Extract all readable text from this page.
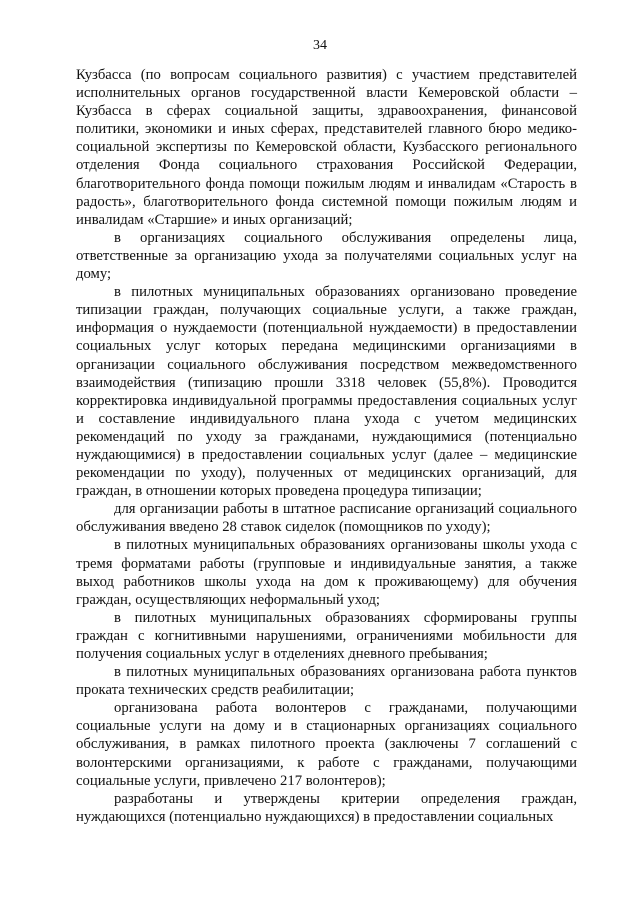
34

Кузбасса (по вопросам социального развития) с участием представителей исполнительных органов государственной власти Кемеровской области – Кузбасса в сферах социальной защиты, здравоохранения, финансовой политики, экономики и иных сферах, представителей главного бюро медико-социальной экспертизы по Кемеровской области, Кузбасского регионального отделения Фонда социального страхования Российской Федерации, благотворительного фонда помощи пожилым людям и инвалидам «Старость в радость», благотворительного фонда системной помощи пожилым людям и инвалидам «Старшие» и иных организаций;

в организациях социального обслуживания определены лица, ответственные за организацию ухода за получателями социальных услуг на дому;

в пилотных муниципальных образованиях организовано проведение типизации граждан, получающих социальные услуги, а также граждан, информация о нуждаемости (потенциальной нуждаемости) в предоставлении социальных услуг которых передана медицинскими организациями в организации социального обслуживания посредством межведомственного взаимодействия (типизацию прошли 3318 человек (55,8%). Проводится корректировка индивидуальной программы предоставления социальных услуг и составление индивидуального плана ухода с учетом медицинских рекомендаций по уходу за гражданами, нуждающимися (потенциально нуждающимися) в предоставлении социальных услуг (далее – медицинские рекомендации по уходу), полученных от медицинских организаций, для граждан, в отношении которых проведена процедура типизации;

для организации работы в штатное расписание организаций социального обслуживания введено 28 ставок сиделок (помощников по уходу);

в пилотных муниципальных образованиях организованы школы ухода с тремя форматами работы (групповые и индивидуальные занятия, а также выход работников школы ухода на дом к проживающему) для обучения граждан, осуществляющих неформальный уход;

в пилотных муниципальных образованиях сформированы группы граждан с когнитивными нарушениями, ограничениями мобильности для получения социальных услуг в отделениях дневного пребывания;

в пилотных муниципальных образованиях организована работа пунктов проката технических средств реабилитации;

организована работа волонтеров с гражданами, получающими социальные услуги на дому и в стационарных организациях социального обслуживания, в рамках пилотного проекта (заключены 7 соглашений с волонтерскими организациями, к работе с гражданами, получающими социальные услуги, привлечено 217 волонтеров);

разработаны и утверждены критерии определения граждан, нуждающихся (потенциально нуждающихся) в предоставлении социальных
